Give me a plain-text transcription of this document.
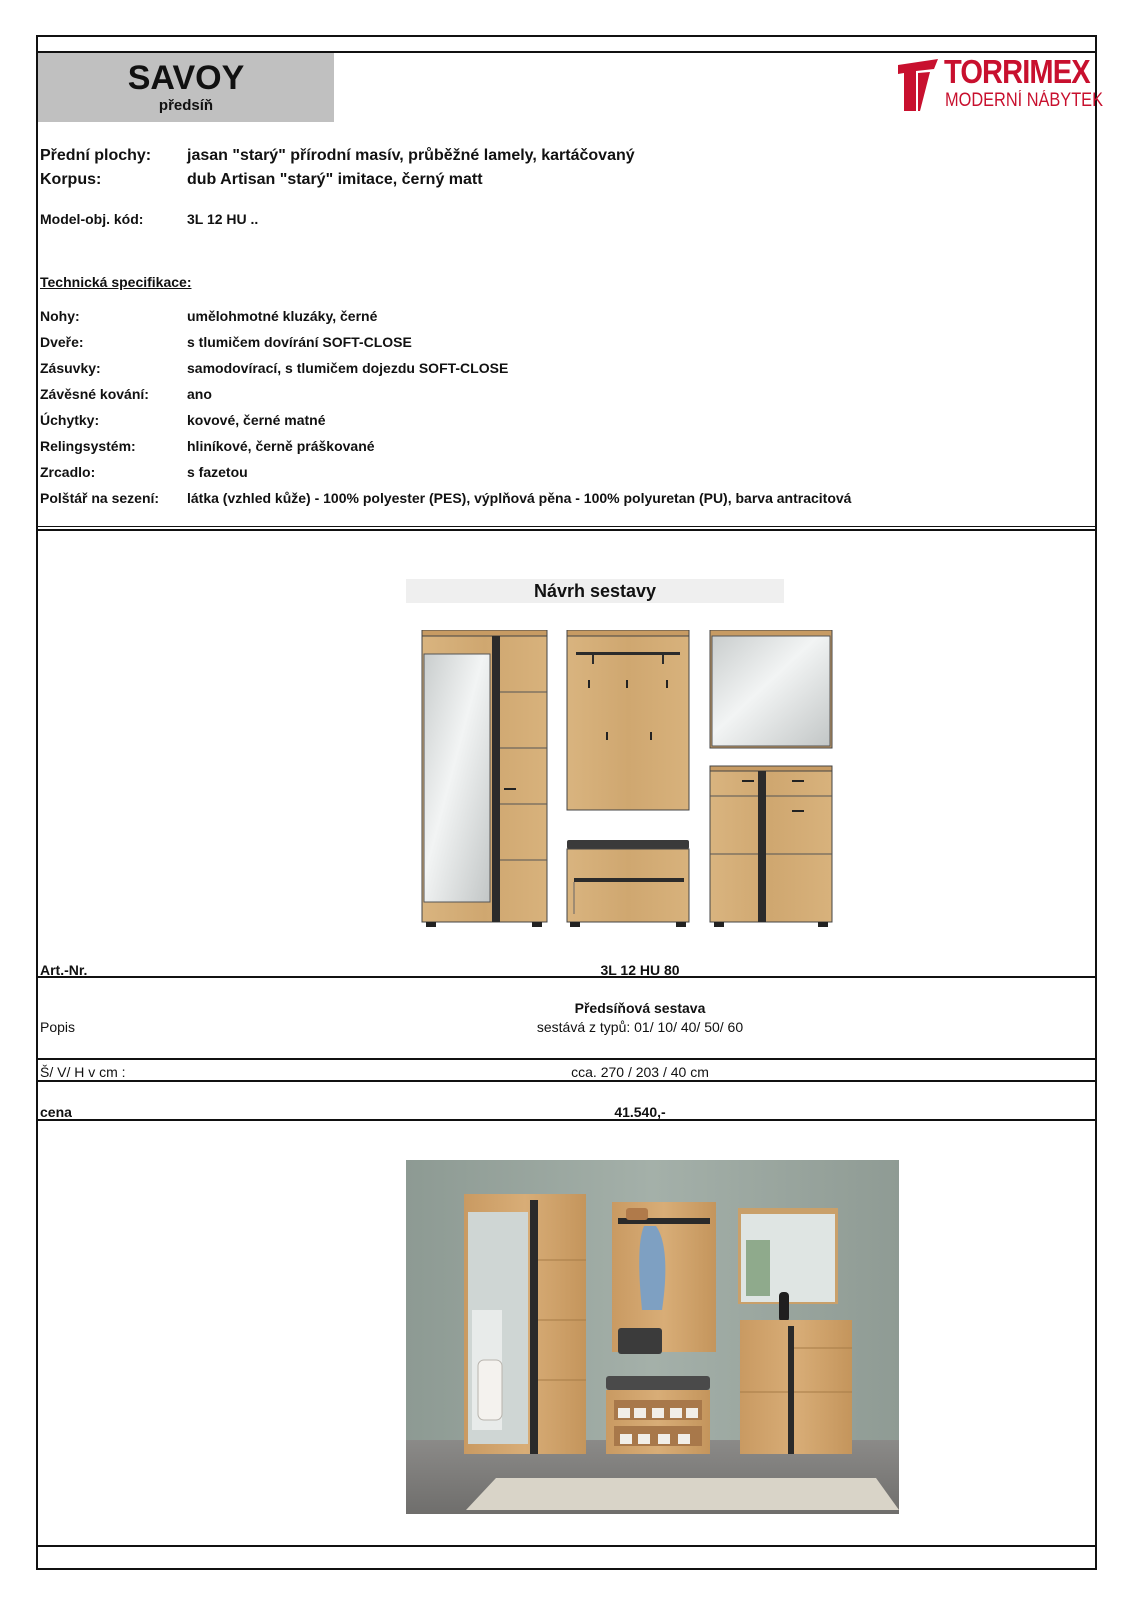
SAVOY
předsíň
TORRIMEX
MODERNÍ NÁBYTEK
Přední plochy: jasan "starý" přírodní masív, průběžné lamely, kartáčovaný
Korpus:	dub Artisan "starý" imitace, černý matt
Model-obj. kód:	3L 12 HU ..
Technická specifikace:
Nohy:	umělohmotné kluzáky, černé
Dveře:	s tlumičem dovírání SOFT-CLOSE
Zásuvky:	samodovírací, s tlumičem dojezdu SOFT-CLOSE
Závěsné kování:	ano
Úchytky:	kovové, černé matné
Relingsystém:	hliníkové, černě práškované
Zrcadlo:	s fazetou
Polštář na sezení: látka (vzhled kůže) - 100% polyester (PES), výplňová pěna - 100% polyuretan (PU), barva antracitová
Návrh sestavy
Art.-Nr.	3L 12 HU 80
Popis
Předsíňová sestava
sestává z typů: 01/ 10/ 40/ 50/ 60
Š/ V/ H v cm :	cca. 270 / 203 / 40 cm
cena	41.540,-
